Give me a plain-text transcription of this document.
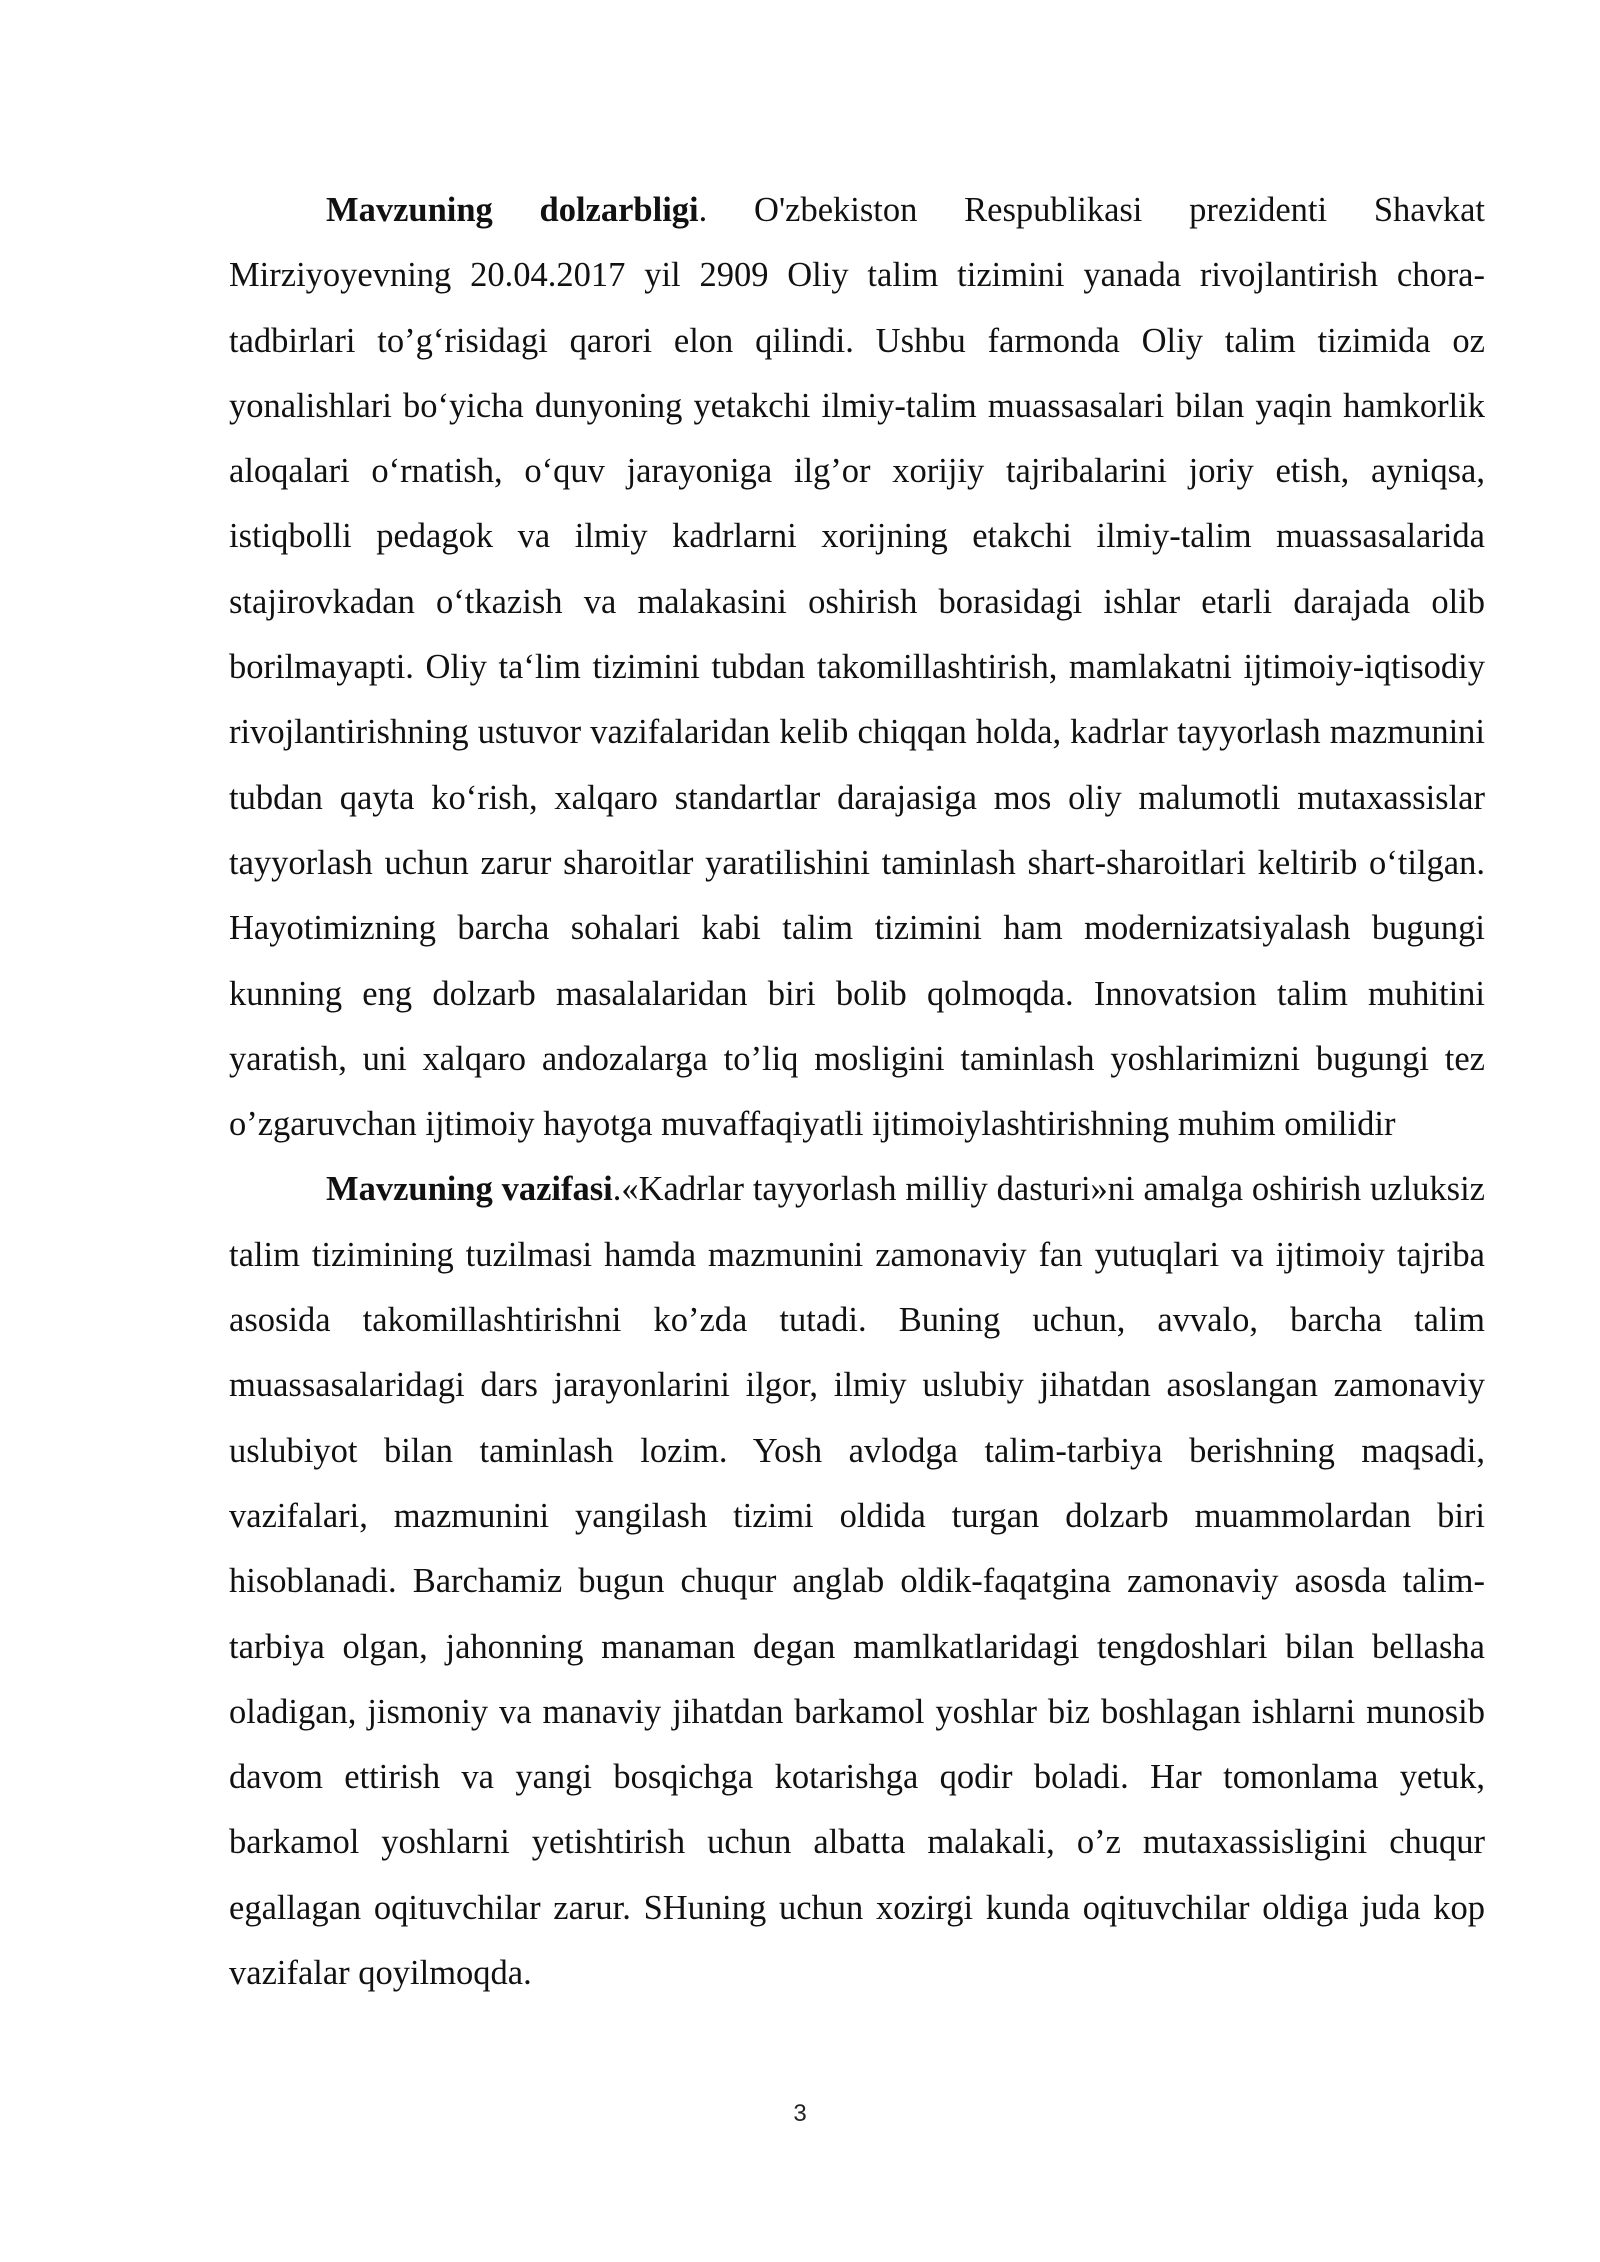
Mavzuning dolzarbligi. O'zbekiston Respublikasi prezidenti Shavkat Mirziyoyevning 20.04.2017 yil 2909 Oliy talim tizimini yanada rivojlantirish chora-tadbirlari to’g‘risidagi qarori elon qilindi. Ushbu farmonda Oliy talim tizimida oz yonalishlari bo‘yicha dunyoning yetakchi ilmiy-talim muassasalari bilan yaqin hamkorlik aloqalari o‘rnatish, o‘quv jarayoniga ilg’or xorijiy tajribalarini joriy etish, ayniqsa, istiqbolli pedagok va ilmiy kadrlarni xorijning etakchi ilmiy-talim muassasalarida stajirovkadan o‘tkazish va malakasini oshirish borasidagi ishlar etarli darajada olib borilmayapti. Oliy ta‘lim tizimini tubdan takomillashtirish, mamlakatni ijtimoiy-iqtisodiy rivojlantirishning ustuvor vazifalaridan kelib chiqqan holda, kadrlar tayyorlash mazmunini tubdan qayta ko‘rish, xalqaro standartlar darajasiga mos oliy malumotli mutaxassislar tayyorlash uchun zarur sharoitlar yaratilishini taminlash shart-sharoitlari keltirib o‘tilgan. Hayotimizning barcha sohalari kabi talim tizimini ham modernizatsiyalash bugungi kunning eng dolzarb masalalaridan biri bolib qolmoqda. Innovatsion talim muhitini yaratish, uni xalqaro andozalarga to’liq mosligini taminlash yoshlarimizni bugungi tez o’zgaruvchan ijtimoiy hayotga muvaffaqiyatli ijtimoiylashtirishning muhim omilidir

Mavzuning vazifasi.«Kadrlar tayyorlash milliy dasturi»ni amalga oshirish uzluksiz talim tizimining tuzilmasi hamda mazmunini zamonaviy fan yutuqlari va ijtimoiy tajriba asosida takomillashtirishni ko’zda tutadi. Buning uchun, avvalo, barcha talim muassasalaridagi dars jarayonlarini ilgor, ilmiy uslubiy jihatdan asoslangan zamonaviy uslubiyot bilan taminlash lozim. Yosh avlodga talim-tarbiya berishning maqsadi, vazifalari, mazmunini yangilash tizimi oldida turgan dolzarb muammolardan biri hisoblanadi. Barchamiz bugun chuqur anglab oldik-faqatgina zamonaviy asosda talim-tarbiya olgan, jahonning manaman degan mamlkatlaridagi tengdoshlari bilan bellasha oladigan, jismoniy va manaviy jihatdan barkamol yoshlar biz boshlagan ishlarni munosib davom ettirish va yangi bosqichga kotarishga qodir boladi. Har tomonlama yetuk, barkamol yoshlarni yetishtirish uchun albatta malakali, o’z mutaxassisligini chuqur egallagan oqituvchilar zarur. SHuning uchun xozirgi kunda oqituvchilar oldiga juda kop vazifalar qoyilmoqda.

3
